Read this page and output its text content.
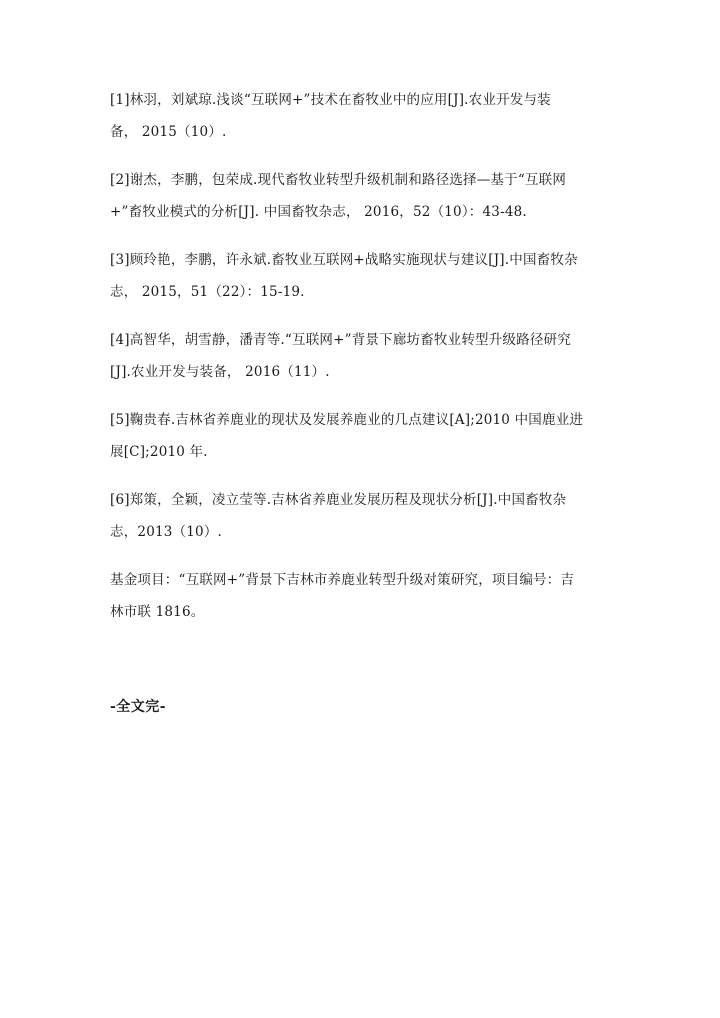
[1]林羽，刘斌琼.浅谈“互联网+”技术在畜牧业中的应用[J].农业开发与装
备， 2015（10）.

[2]谢杰，李鹏，包荣成.现代畜牧业转型升级机制和路径选择—基于“互联网
+”畜牧业模式的分析[J]. 中国畜牧杂志， 2016，52（10）：43-48.

[3]顾玲艳，李鹏，许永斌.畜牧业互联网+战略实施现状与建议[J].中国畜牧杂
志， 2015，51（22）：15-19.

[4]高智华，胡雪静，潘青等.“互联网+”背景下廊坊畜牧业转型升级路径研究
[J].农业开发与装备， 2016（11）.

[5]鞠贵春.吉林省养鹿业的现状及发展养鹿业的几点建议[A];2010 中国鹿业进
展[C];2010 年.

[6]郑策，全颖，凌立莹等.吉林省养鹿业发展历程及现状分析[J].中国畜牧杂
志，2013（10）.

基金项目：“互联网+”背景下吉林市养鹿业转型升级对策研究，项目编号：吉
林市联 1816。

-全文完-
